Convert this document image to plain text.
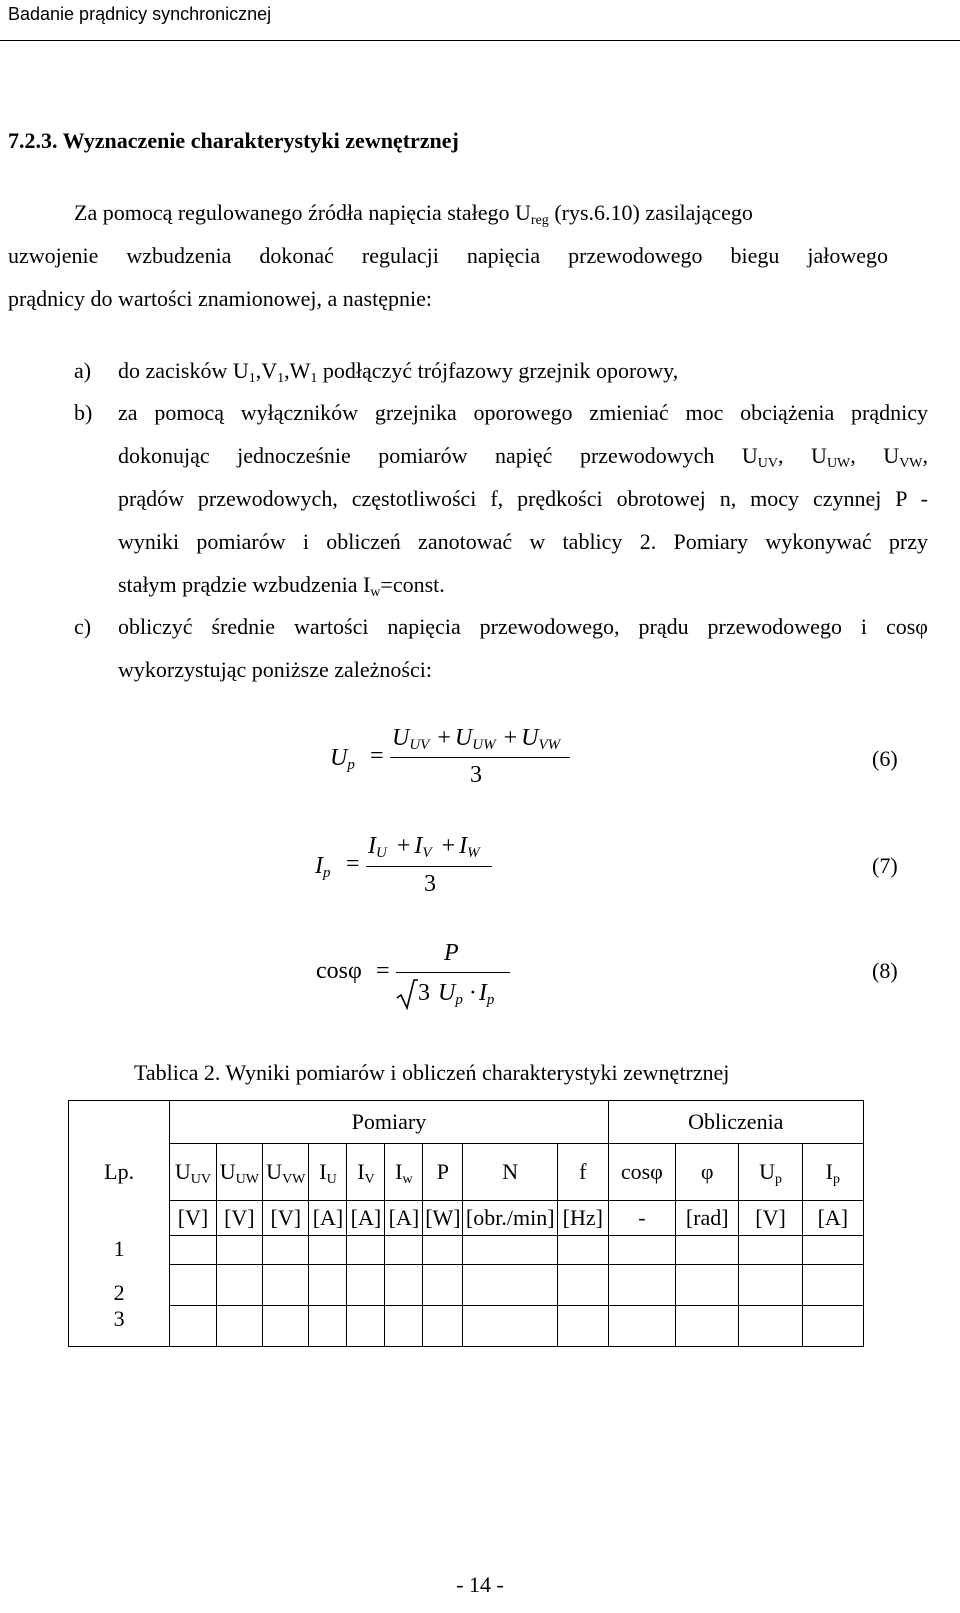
Badanie prądnicy synchronicznej
7.2.3. Wyznaczenie charakterystyki zewnętrznej
Za pomocą regulowanego źródła napięcia stałego $U_{reg}$ (rys.6.10) zasilającego
uzwojenie wzbudzenia dokonać regulacji napięcia przewodowego biegu jałowego
prądnicy do wartości znamionowej, a następnie:
a) do zacisków $U_1,V_1,W_1$ podłączyć trójfazowy grzejnik oporowy,
b) za pomocą wyłączników grzejnika oporowego zmieniać moc obciążenia prądnicy
dokonując jednocześnie pomiarów napięć przewodowych $U_{UV}$, $U_{UW}$, $U_{VW}$,
prądów przewodowych, częstotliwości f, prędkości obrotowej n, mocy czynnej P -
wyniki pomiarów i obliczeń zanotować w tablicy 2. Pomiary wykonywać przy
stałym prądzie wzbudzenia $I_w=const$.
c) obliczyć średnie wartości napięcia przewodowego, prądu przewodowego i cosφ
wykorzystując poniższe zależności:
$U_p$ =
$U_{UV} + U_{UW} + U_{VW}$
3
(6)
$I_p$ =
$I_U + I_V + I_W$
3
(7)
cosφ =
P
3 $U_p \cdot I_p$
(8)
Tablica 2. Wyniki pomiarów i obliczeń charakterystyki zewnętrznej
	Pomiary									Obliczenia			
Lp.	$U_{UV}$	$U_{UW}$	$U_{VW}$	$I_U$	$I_V$	$I_w$	P	N	f	cosφ	φ	$U_p$	$I_p$
	[V]	[V]	[V]	[A]	[A]	[A]	[W]	[obr./min]	[Hz]	-	[rad]	[V]	[A]
1													
2													
3													
- 14 -
